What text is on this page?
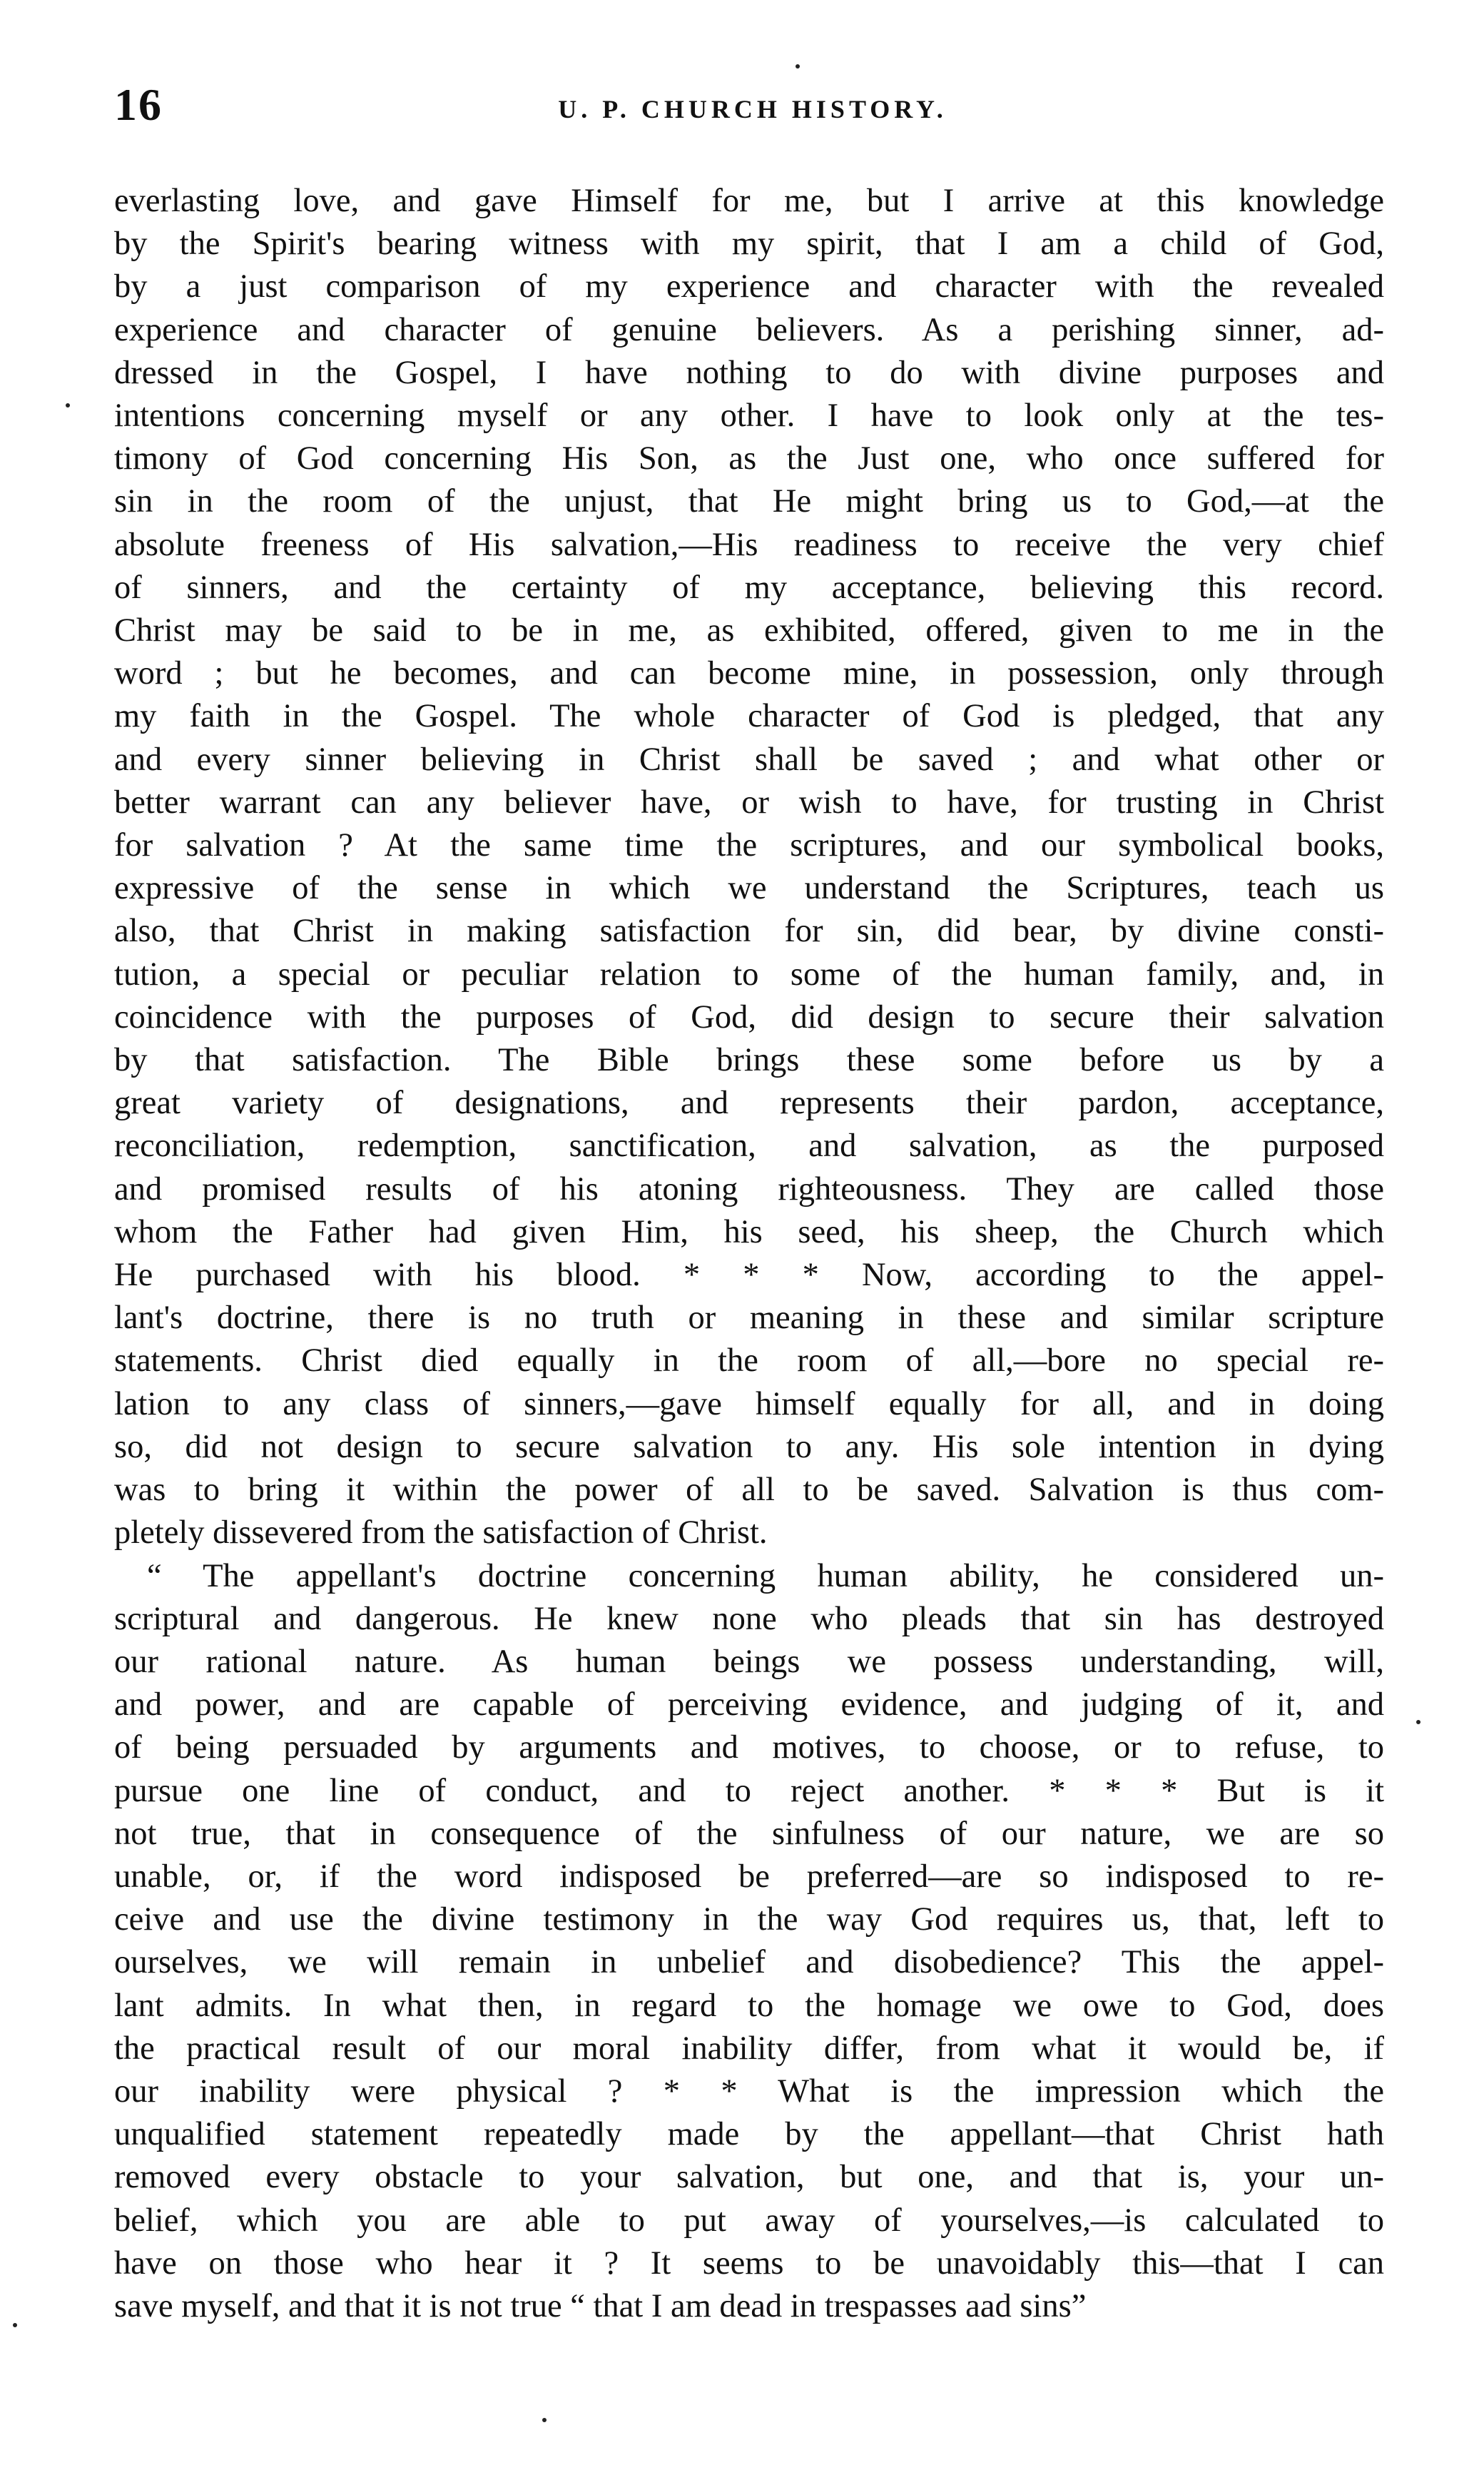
16	U. P. CHURCH HISTORY.
everlasting love, and gave Himself for me, but I arrive at this knowledge
by the Spirit's bearing witness with my spirit, that I am a child of God,
by a just comparison of my experience and character with the revealed
experience and character of genuine believers. As a perishing sinner, ad-
dressed in the Gospel, I have nothing to do with divine purposes and
intentions concerning myself or any other. I have to look only at the tes-
timony of God concerning His Son, as the Just one, who once suffered for
sin in the room of the unjust, that He might bring us to God,—at the
absolute freeness of His salvation,—His readiness to receive the very chief
of sinners, and the certainty of my acceptance, believing this record.
Christ may be said to be in me, as exhibited, offered, given to me in the
word ; but he becomes, and can become mine, in possession, only through
my faith in the Gospel. The whole character of God is pledged, that any
and every sinner believing in Christ shall be saved ; and what other or
better warrant can any believer have, or wish to have, for trusting in Christ
for salvation ? At the same time the scriptures, and our symbolical books,
expressive of the sense in which we understand the Scriptures, teach us
also, that Christ in making satisfaction for sin, did bear, by divine consti-
tution, a special or peculiar relation to some of the human family, and, in
coincidence with the purposes of God, did design to secure their salvation
by that satisfaction. The Bible brings these some before us by a
great variety of designations, and represents their pardon, acceptance,
reconciliation, redemption, sanctification, and salvation, as the purposed
and promised results of his atoning righteousness. They are called those
whom the Father had given Him, his seed, his sheep, the Church which
He purchased with his blood. * * * Now, according to the appel-
lant's doctrine, there is no truth or meaning in these and similar scripture
statements. Christ died equally in the room of all,—bore no special re-
lation to any class of sinners,—gave himself equally for all, and in doing
so, did not design to secure salvation to any. His sole intention in dying
was to bring it within the power of all to be saved. Salvation is thus com-
pletely dissevered from the satisfaction of Christ.
“ The appellant's doctrine concerning human ability, he considered un-
scriptural and dangerous. He knew none who pleads that sin has destroyed
our rational nature. As human beings we possess understanding, will,
and power, and are capable of perceiving evidence, and judging of it, and
of being persuaded by arguments and motives, to choose, or to refuse, to
pursue one line of conduct, and to reject another. * * * But is it
not true, that in consequence of the sinfulness of our nature, we are so
unable, or, if the word indisposed be preferred—are so indisposed to re-
ceive and use the divine testimony in the way God requires us, that, left to
ourselves, we will remain in unbelief and disobedience? This the appel-
lant admits. In what then, in regard to the homage we owe to God, does
the practical result of our moral inability differ, from what it would be, if
our inability were physical ? * * What is the impression which the
unqualified statement repeatedly made by the appellant—that Christ hath
removed every obstacle to your salvation, but one, and that is, your un-
belief, which you are able to put away of yourselves,—is calculated to
have on those who hear it ? It seems to be unavoidably this—that I can
save myself, and that it is not true “ that I am dead in trespasses aad sins”
